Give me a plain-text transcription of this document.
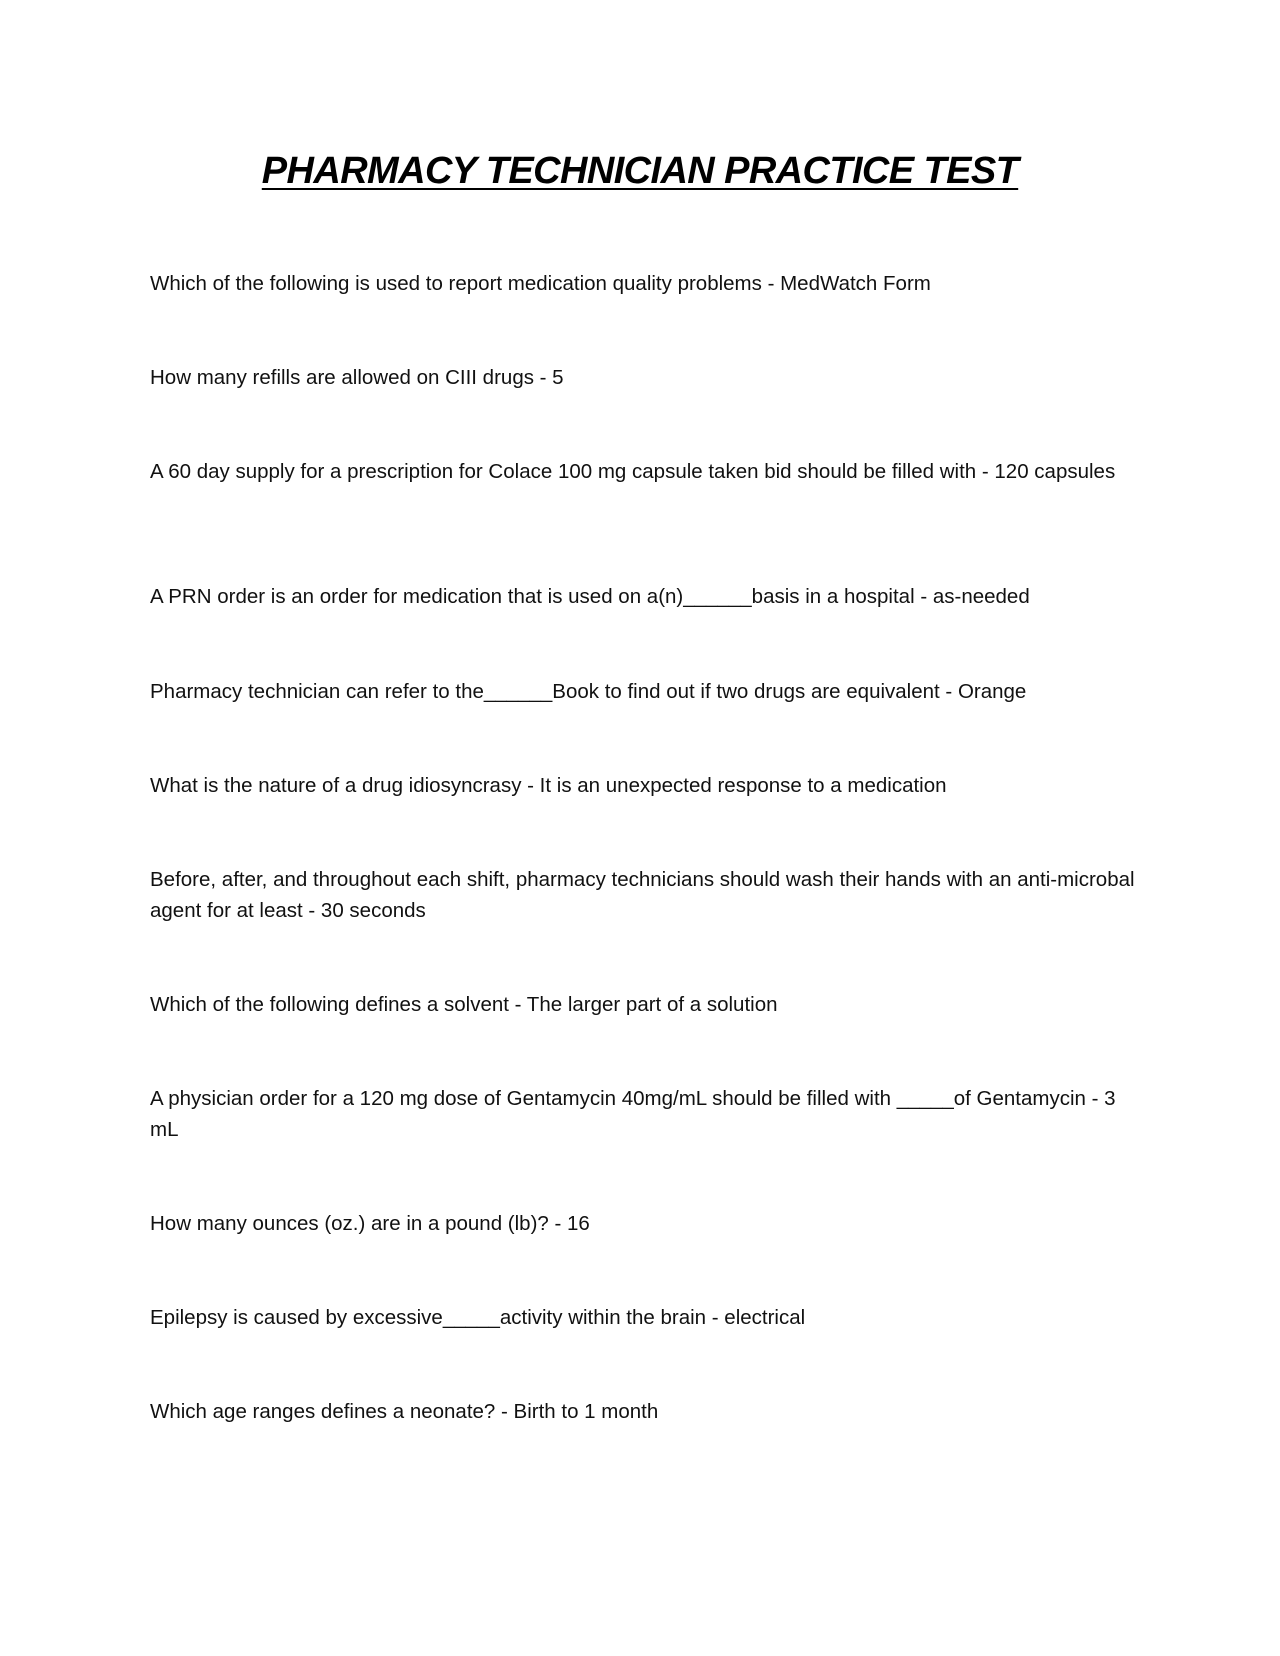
PHARMACY TECHNICIAN PRACTICE TEST

Which of the following is used to report medication quality problems - MedWatch Form

How many refills are allowed on CIII drugs - 5

A 60 day supply for a prescription for Colace 100 mg capsule taken bid should be filled with - 120 capsules

A PRN order is an order for medication that is used on a(n)______basis in a hospital - as-needed

Pharmacy technician can refer to the______Book to find out if two drugs are equivalent - Orange

What is the nature of a drug idiosyncrasy - It is an unexpected response to a medication

Before, after, and throughout each shift, pharmacy technicians should wash their hands with an anti-microbal agent for at least - 30 seconds

Which of the following defines a solvent - The larger part of a solution

A physician order for a 120 mg dose of Gentamycin 40mg/mL should be filled with _____of Gentamycin - 3 mL

How many ounces (oz.) are in a pound (lb)? - 16

Epilepsy is caused by excessive_____activity within the brain - electrical

Which age ranges defines a neonate? - Birth to 1 month
